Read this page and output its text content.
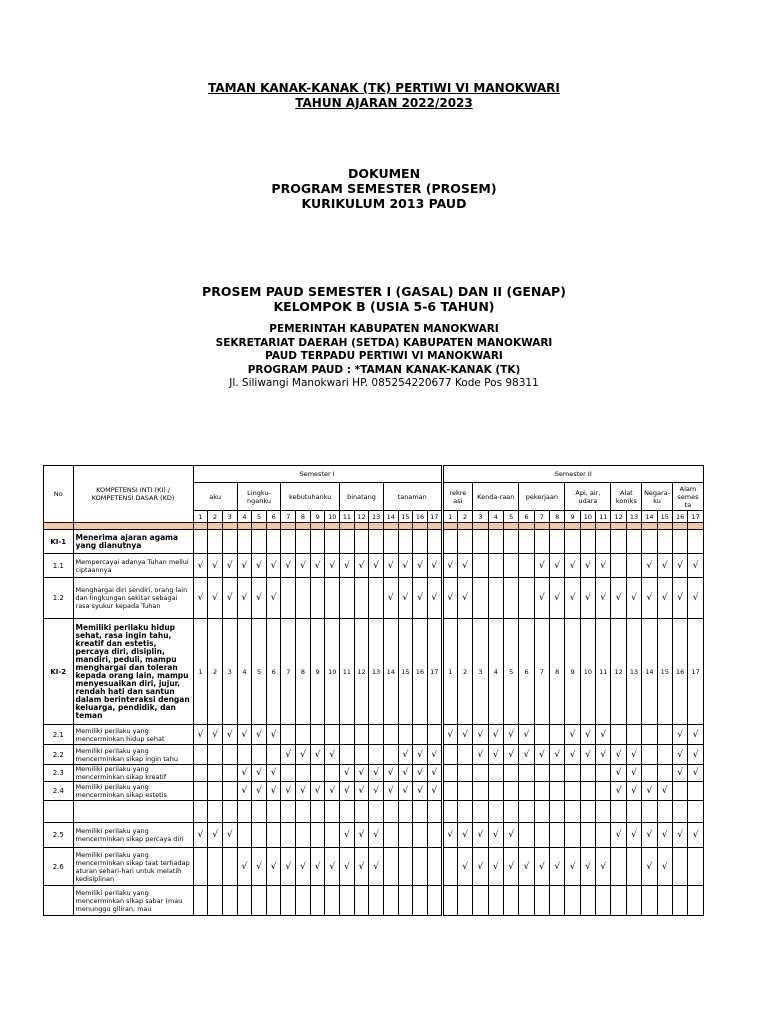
TAMAN KANAK-KANAK (TK) PERTIWI VI MANOKWARI
TAHUN AJARAN 2022/2023
DOKUMEN
PROGRAM SEMESTER (PROSEM)
KURIKULUM 2013 PAUD
PROSEM PAUD SEMESTER I (GASAL) DAN II (GENAP)
KELOMPOK B (USIA 5-6 TAHUN)
PEMERINTAH KABUPATEN MANOKWARI
SEKRETARIAT DAERAH (SETDA) KABUPATEN MANOKWARI
PAUD TERPADU PERTIWI VI MANOKWARI
PROGRAM PAUD : *TAMAN KANAK-KANAK (TK)
Jl. Siliwangi Manokwari HP. 085254220677 Kode Pos 98311
No	KOMPETENSI INTI (KI) / KOMPETENSI DASAR (KD)	Semester I																	Semester II																
		aku			Lingku-nganku			kebutuhanku				binatang			tanaman				rekre asi		Kenda-raan			pekerjaan			Api, air, udara			Alat komks		Negara-ku		Alam semes ta	
		1	2	3	4	5	6	7	8	9	10	11	12	13	14	15	16	17	1	2	3	4	5	6	7	8	9	10	11	12	13	14	15	16	17

KI-1	Menerima ajaran agama yang dianutnya																																		
1.1	Mempercayai adanya Tuhan mellui ciptaannya	√	√	√	√	√	√	√	√	√	√	√	√	√	√	√	√	√	√	√					√	√	√	√	√			√	√	√	√
1.2	Menghargai diri sendiri, orang lain dan lingkungan sekitar sebagai rasa syukur kepada Tuhan	√	√	√	√	√	√								√	√	√	√	√	√					√	√	√	√	√	√	√	√	√	√	√
KI-2	Memiliki perilaku hidup sehat, rasa ingin tahu, kreatif dan estetis, percaya diri, disiplin, mandiri, peduli, mampu menghargai dan toleran kepada orang lain, mampu menyesuaikan diri, jujur, rendah hati dan santun dalam berinteraksi dengan keluarga, pendidik, dan teman	1	2	3	4	5	6	7	8	9	10	11	12	13	14	15	16	17	1	2	3	4	5	6	7	8	9	10	11	12	13	14	15	16	17
2.1	Memiliki perilaku yang mencerminkan hidup sehat	√	√	√	√	√	√												√	√	√	√	√	√			√	√	√					√	√
2.2	Memiliki perilaku yang mencerminkan sikap ingin tahu							√	√	√	√					√	√	√			√	√	√	√	√	√	√	√	√	√	√			√	√
2.3	Memiliki perilaku yang mencerminkan sikap kreatif				√	√	√					√	√	√	√	√	√	√												√	√			√	√
2.4	Memiliki perilaku yang mencerminkan sikap estetis				√	√	√	√	√	√	√	√	√	√	√	√	√	√												√	√	√	√		

2.5	Memiliki perilaku yang mencerminkan sikap percaya diri	√	√	√								√	√	√					√	√	√	√	√							√	√	√	√	√	√
2.6	Memiliki perilaku yang mencerminkan sikap taat terhadap aturan sehari-hari untuk melatih kedisiplinan				√	√	√	√	√	√	√	√	√	√						√	√	√	√	√	√	√	√	√	√			√	√		
	Memiliki perilaku yang mencerminkan sikap sabar (mau menunggu giliran, mau																																		
